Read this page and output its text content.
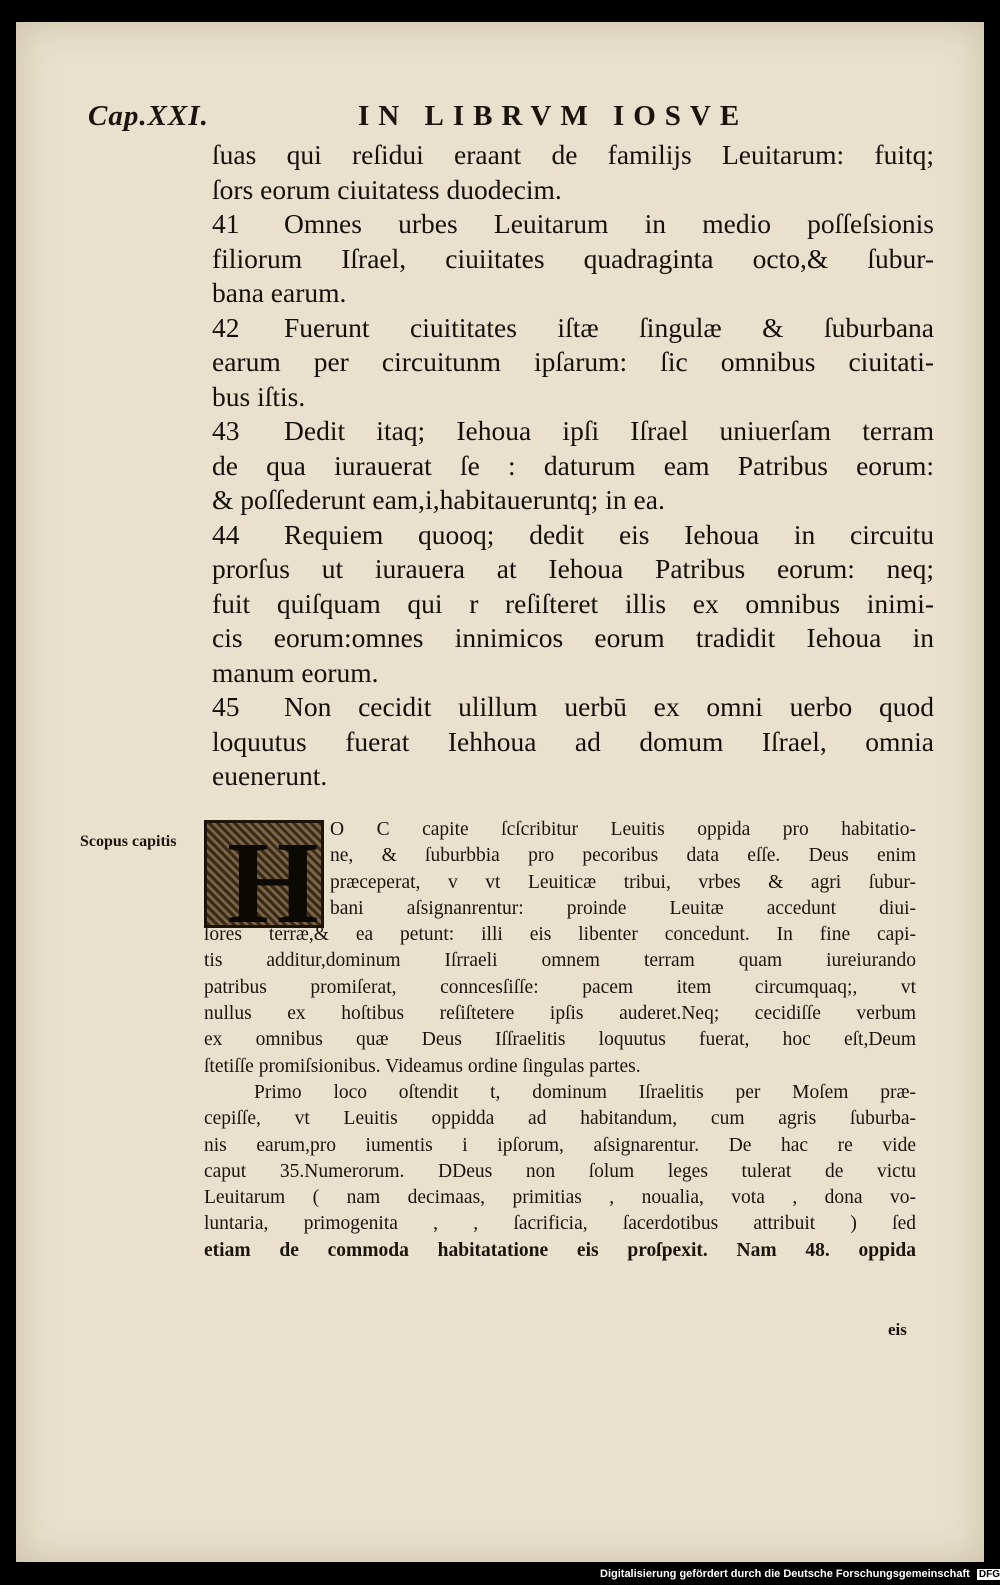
Cap.XXI.	IN LIBRVM IOSVE
ſuas qui reſidui eraant de familijs Leuitarum: fuitq;
ſors eorum ciuitatess duodecim.
41 Omnes urbes Leuitarum in medio poſſeſsionis
filiorum Iſrael, ciuiitates quadraginta octo,& ſubur-
bana earum.
42 Fuerunt ciuititates iſtæ ſingulæ & ſuburbana
earum per circuitunm ipſarum: ſic omnibus ciuitati-
bus iſtis.
43 Dedit itaq; Iehoua ipſi Iſrael uniuerſam terram
de qua iurauerat ſe : daturum eam Patribus eorum:
& poſſederunt eam,i,habitaueruntq; in ea.
44 Requiem quooq; dedit eis Iehoua in circuitu
prorſus ut iurauera at Iehoua Patribus eorum: neq;
fuit quiſquam qui r reſiſteret illis ex omnibus inimi-
cis eorum:omnes innimicos eorum tradidit Iehoua in
manum eorum.
45 Non cecidit ulillum uerbū ex omni uerbo quod
loquutus fuerat Iehhoua ad domum Iſrael, omnia
euenerunt.
Scopus capitis H O C capite ſcſcribitur Leuitis oppida pro habitatio-
ne, & ſuburbbia pro pecoribus data eſſe. Deus enim
præceperat, v vt Leuiticæ tribui, vrbes & agri ſubur-
bani aſsignanrentur: proinde Leuitæ accedunt diui-
ſores terræ,& ea petunt: illi eis libenter concedunt. In fine capi-
tis additur,dominum Iſrraeli omnem terram quam iureiurando
patribus promiſerat, conncesſiſſe: pacem item circumquaq;, vt
nullus ex hoſtibus reſiſtetere ipſis auderet.Neq; cecidiſſe verbum
ex omnibus quæ Deus Iſſraelitis loquutus fuerat, hoc eſt,Deum
ſtetiſſe promiſsionibus. Videamus ordine ſingulas partes.
Primo loco oſtendit t, dominum Iſraelitis per Moſem præ-
cepiſſe, vt Leuitis oppidda ad habitandum, cum agris ſuburba-
nis earum,pro iumentis i ipſorum, aſsignarentur. De hac re vide
caput 35.Numerorum. DDeus non ſolum leges tulerat de victu
Leuitarum ( nam decimaas, primitias , noualia, vota , dona vo-
luntaria, primogenita , , ſacrificia, ſacerdotibus attribuit ) ſed
etiam de commoda habitatatione eis proſpexit. Nam 48. oppida
eis
Digitalisierung gefördert durch die Deutsche Forschungsgemeinschaft DFG
